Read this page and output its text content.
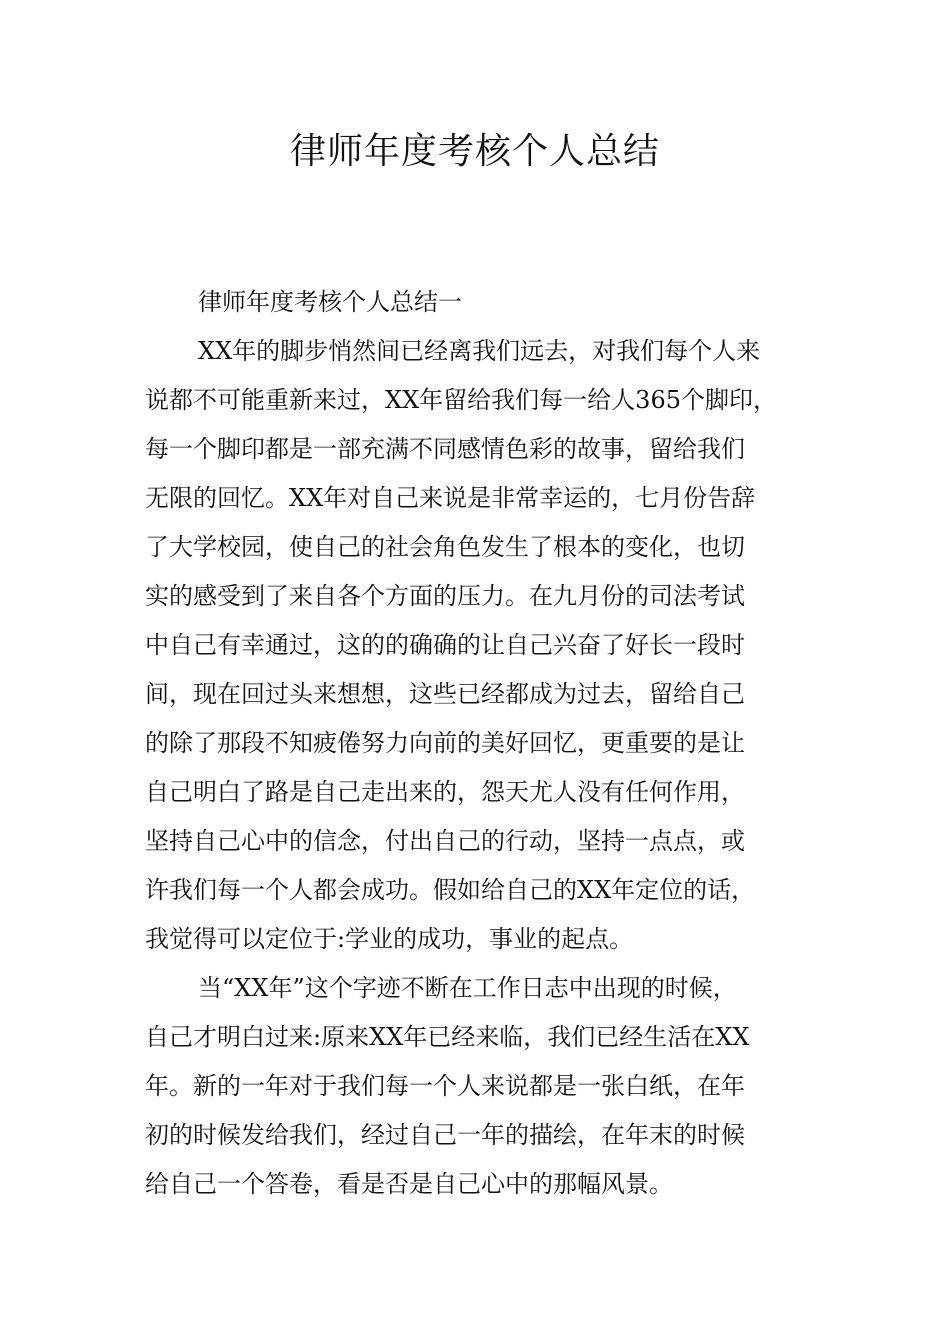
律师年度考核个人总结
律师年度考核个人总结一
XX年的脚步悄然间已经离我们远去，对我们每个人来
说都不可能重新来过，XX年留给我们每一给人365个脚印，
每一个脚印都是一部充满不同感情色彩的故事，留给我们
无限的回忆。XX年对自己来说是非常幸运的，七月份告辞
了大学校园，使自己的社会角色发生了根本的变化，也切
实的感受到了来自各个方面的压力。在九月份的司法考试
中自己有幸通过，这的的确确的让自己兴奋了好长一段时
间，现在回过头来想想，这些已经都成为过去，留给自己
的除了那段不知疲倦努力向前的美好回忆，更重要的是让
自己明白了路是自己走出来的，怨天尤人没有任何作用，
坚持自己心中的信念，付出自己的行动，坚持一点点，或
许我们每一个人都会成功。假如给自己的XX年定位的话，
我觉得可以定位于:学业的成功，事业的起点。
当“XX年”这个字迹不断在工作日志中出现的时候，
自己才明白过来:原来XX年已经来临，我们已经生活在XX
年。新的一年对于我们每一个人来说都是一张白纸，在年
初的时候发给我们，经过自己一年的描绘，在年末的时候
给自己一个答卷，看是否是自己心中的那幅风景。
